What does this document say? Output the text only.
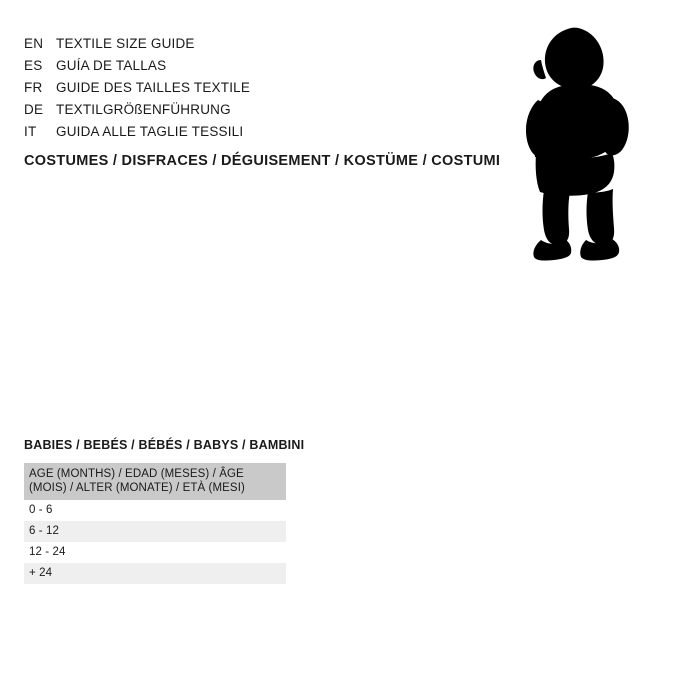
EN TEXTILE SIZE GUIDE
ES	GUÍA DE TALLAS
FR	GUIDE DES TAILLES TEXTILE
DE TEXTILGRÖßENFÜHRUNG
IT	GUIDA ALLE TAGLIE TESSILI
COSTUMES / DISFRACES / DÉGUISEMENT / KOSTÜME / COSTUMI
BABIES / BEBÉS / BÉBÉS / BABYS / BAMBINI
AGE (MONTHS) / EDAD (MESES) / ÂGE (MOIS) / ALTER (MONATE) / ETÀ (MESI)
0 - 6
6 - 12
12 - 24
+ 24
